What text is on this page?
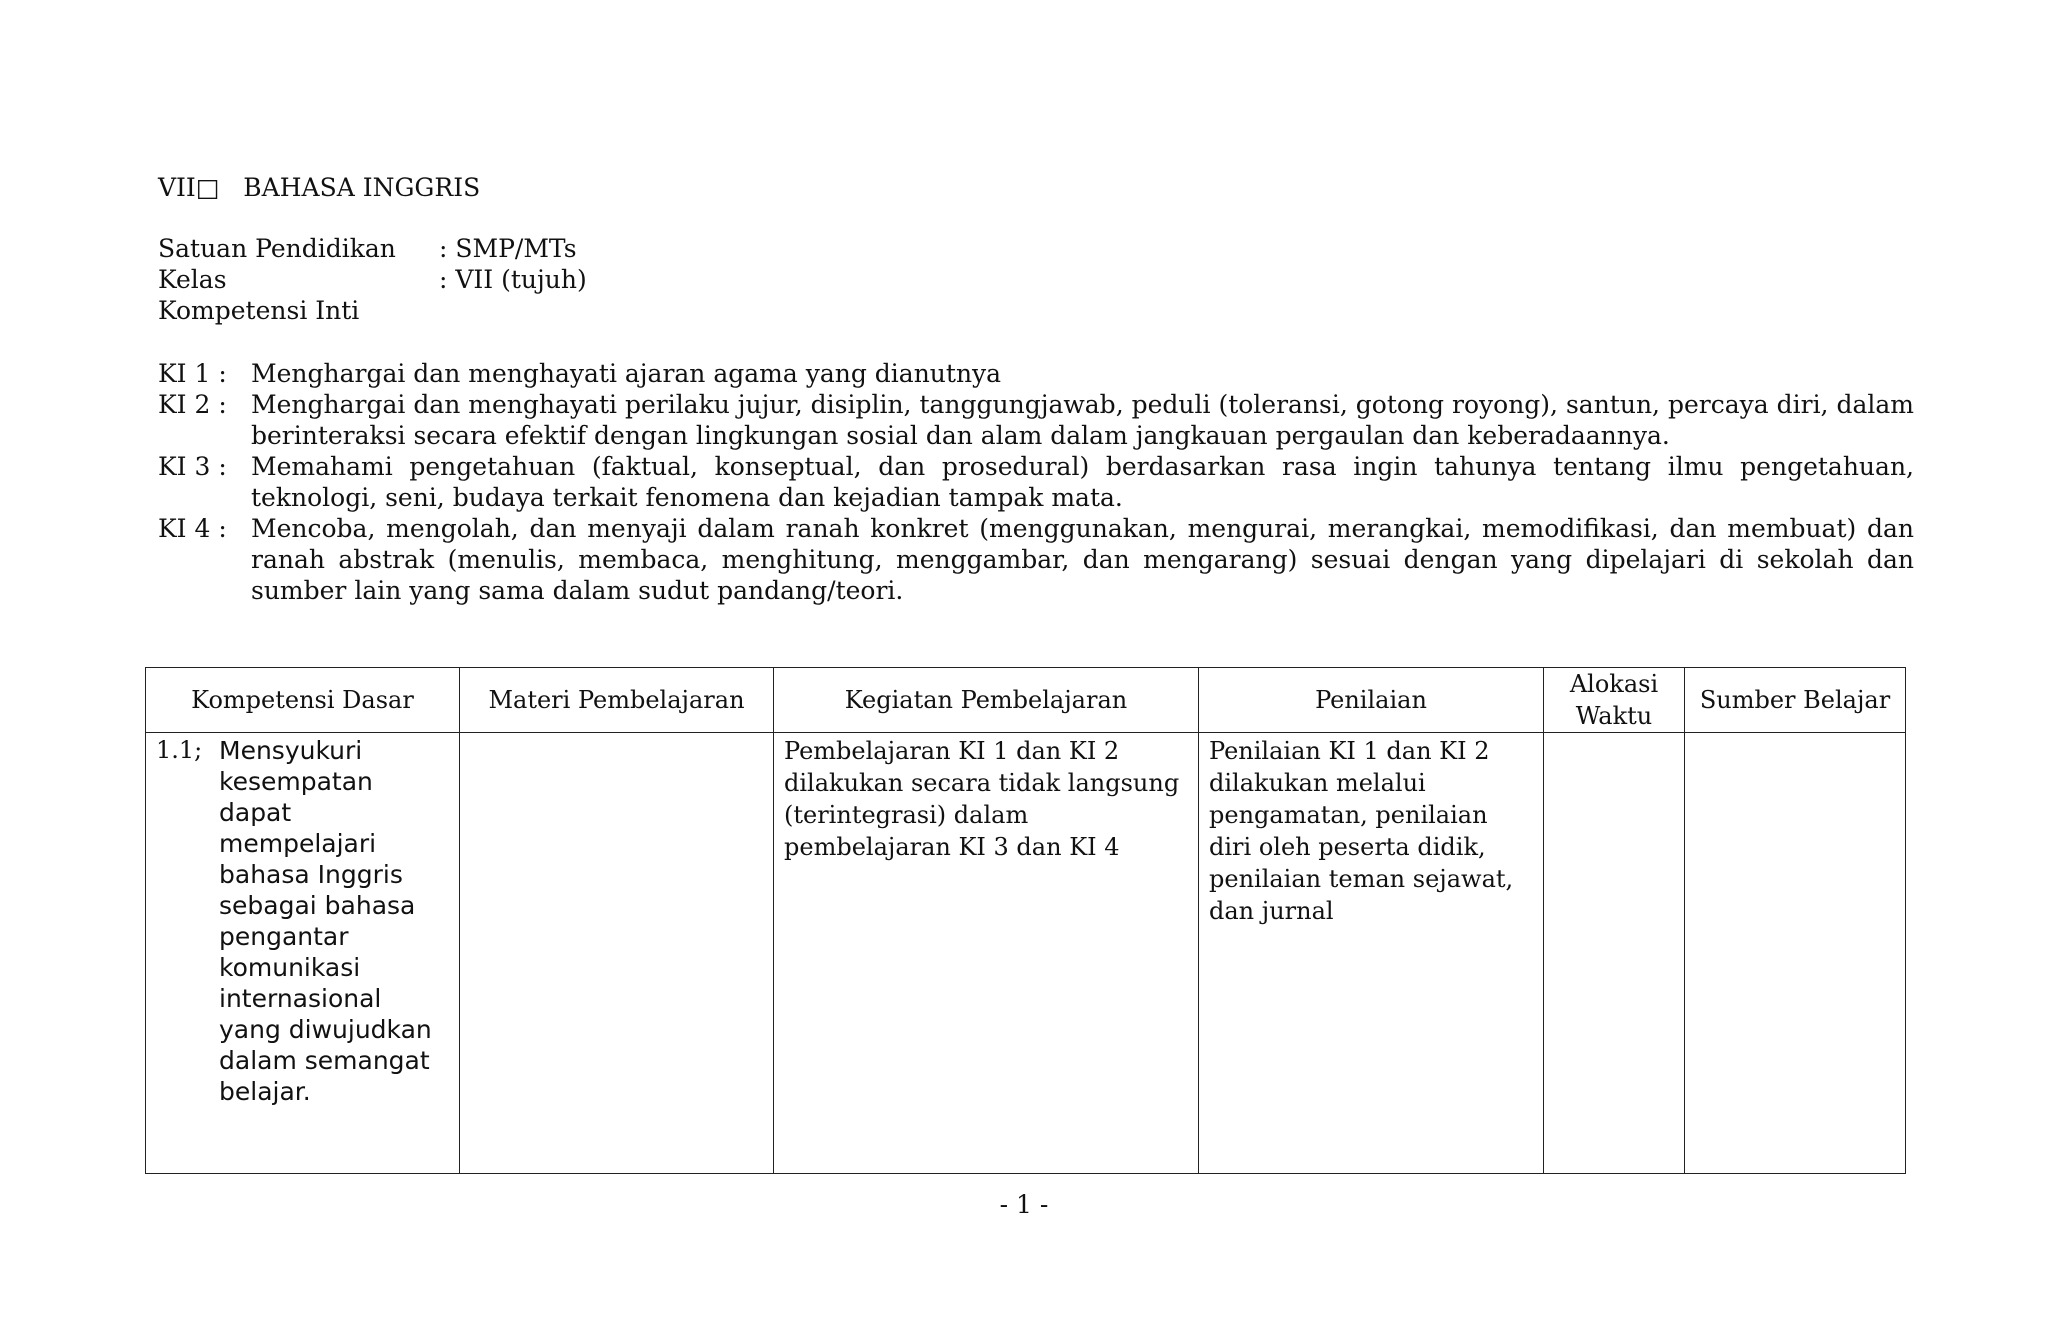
VII□ BAHASA INGGRIS
Satuan Pendidikan	: SMP/MTs
Kelas	: VII (tujuh)
Kompetensi Inti
KI 1 : Menghargai dan menghayati ajaran agama yang dianutnya
KI 2 : Menghargai dan menghayati perilaku jujur, disiplin, tanggungjawab, peduli (toleransi, gotong royong), santun, percaya diri, dalam berinteraksi secara efektif dengan lingkungan sosial dan alam dalam jangkauan pergaulan dan keberadaannya.
KI 3 : Memahami pengetahuan (faktual, konseptual, dan prosedural) berdasarkan rasa ingin tahunya tentang ilmu pengetahuan, teknologi, seni, budaya terkait fenomena dan kejadian tampak mata.
KI 4 : Mencoba, mengolah, dan menyaji dalam ranah konkret (menggunakan, mengurai, merangkai, memodifikasi, dan membuat) dan ranah abstrak (menulis, membaca, menghitung, menggambar, dan mengarang) sesuai dengan yang dipelajari di sekolah dan sumber lain yang sama dalam sudut pandang/teori.
Kompetensi Dasar	Materi Pembelajaran	Kegiatan Pembelajaran	Penilaian	Alokasi Waktu	Sumber Belajar

1.1; Mensyukuri kesempatan dapat mempelajari bahasa Inggris sebagai bahasa pengantar komunikasi internasional yang diwujudkan dalam semangat belajar.		Pembelajaran KI 1 dan KI 2 dilakukan secara tidak langsung (terintegrasi) dalam pembelajaran KI 3 dan KI 4	Penilaian KI 1 dan KI 2 dilakukan melalui pengamatan, penilaian diri oleh peserta didik, penilaian teman sejawat, dan jurnal		
- 1 -
